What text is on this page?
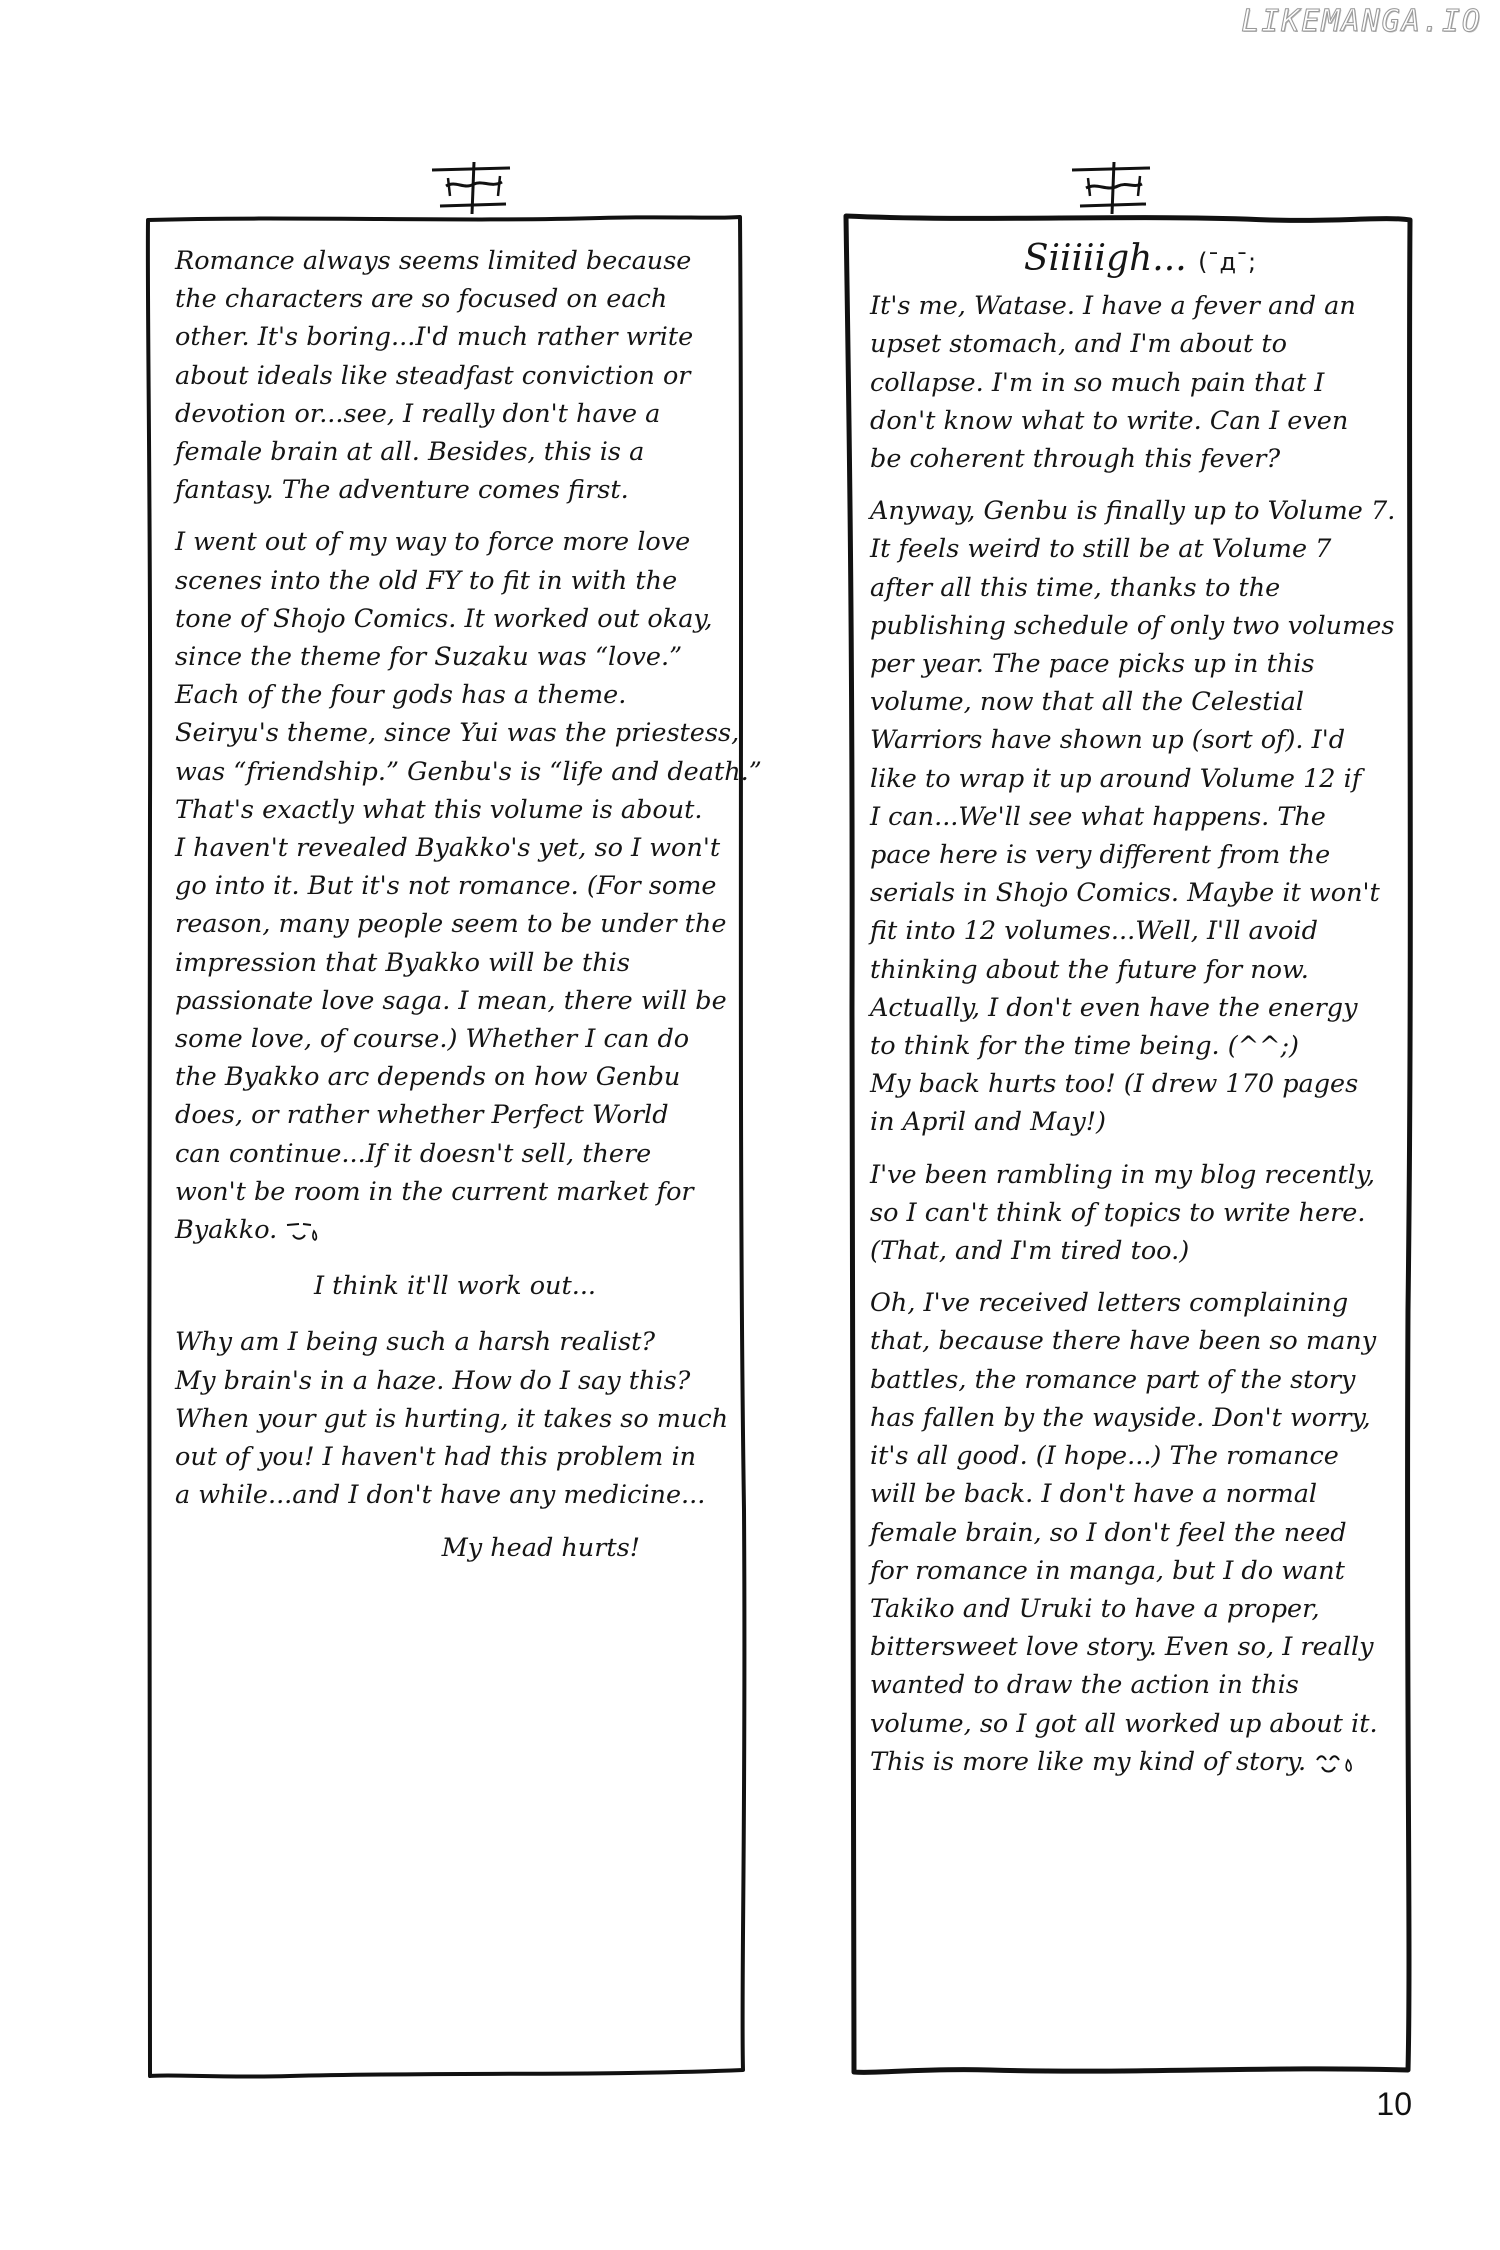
LIKEMANGA.IO
Romance always seems limited because
the characters are so focused on each
other. It's boring...I'd much rather write
about ideals like steadfast conviction or
devotion or...see, I really don't have a
female brain at all. Besides, this is a
fantasy. The adventure comes first.
I went out of my way to force more love
scenes into the old FY to fit in with the
tone of Shojo Comics. It worked out okay,
since the theme for Suzaku was “love.”
Each of the four gods has a theme.
Seiryu's theme, since Yui was the priestess,
was “friendship.” Genbu's is “life and death.”
That's exactly what this volume is about.
I haven't revealed Byakko's yet, so I won't
go into it. But it's not romance. (For some
reason, many people seem to be under the
impression that Byakko will be this
passionate love saga. I mean, there will be
some love, of course.) Whether I can do
the Byakko arc depends on how Genbu
does, or rather whether Perfect World
can continue...If it doesn't sell, there
won't be room in the current market for
Byakko.
I think it'll work out...
Why am I being such a harsh realist?
My brain's in a haze. How do I say this?
When your gut is hurting, it takes so much
out of you! I haven't had this problem in
a while...and I don't have any medicine...
My head hurts!
Siiiiigh... (¯д¯;
It's me, Watase. I have a fever and an
upset stomach, and I'm about to
collapse. I'm in so much pain that I
don't know what to write. Can I even
be coherent through this fever?
Anyway, Genbu is finally up to Volume 7.
It feels weird to still be at Volume 7
after all this time, thanks to the
publishing schedule of only two volumes
per year. The pace picks up in this
volume, now that all the Celestial
Warriors have shown up (sort of). I'd
like to wrap it up around Volume 12 if
I can...We'll see what happens. The
pace here is very different from the
serials in Shojo Comics. Maybe it won't
fit into 12 volumes...Well, I'll avoid
thinking about the future for now.
Actually, I don't even have the energy
to think for the time being. (^^;)
My back hurts too! (I drew 170 pages
in April and May!)
I've been rambling in my blog recently,
so I can't think of topics to write here.
(That, and I'm tired too.)
Oh, I've received letters complaining
that, because there have been so many
battles, the romance part of the story
has fallen by the wayside. Don't worry,
it's all good. (I hope...) The romance
will be back. I don't have a normal
female brain, so I don't feel the need
for romance in manga, but I do want
Takiko and Uruki to have a proper,
bittersweet love story. Even so, I really
wanted to draw the action in this
volume, so I got all worked up about it.
This is more like my kind of story.
10
